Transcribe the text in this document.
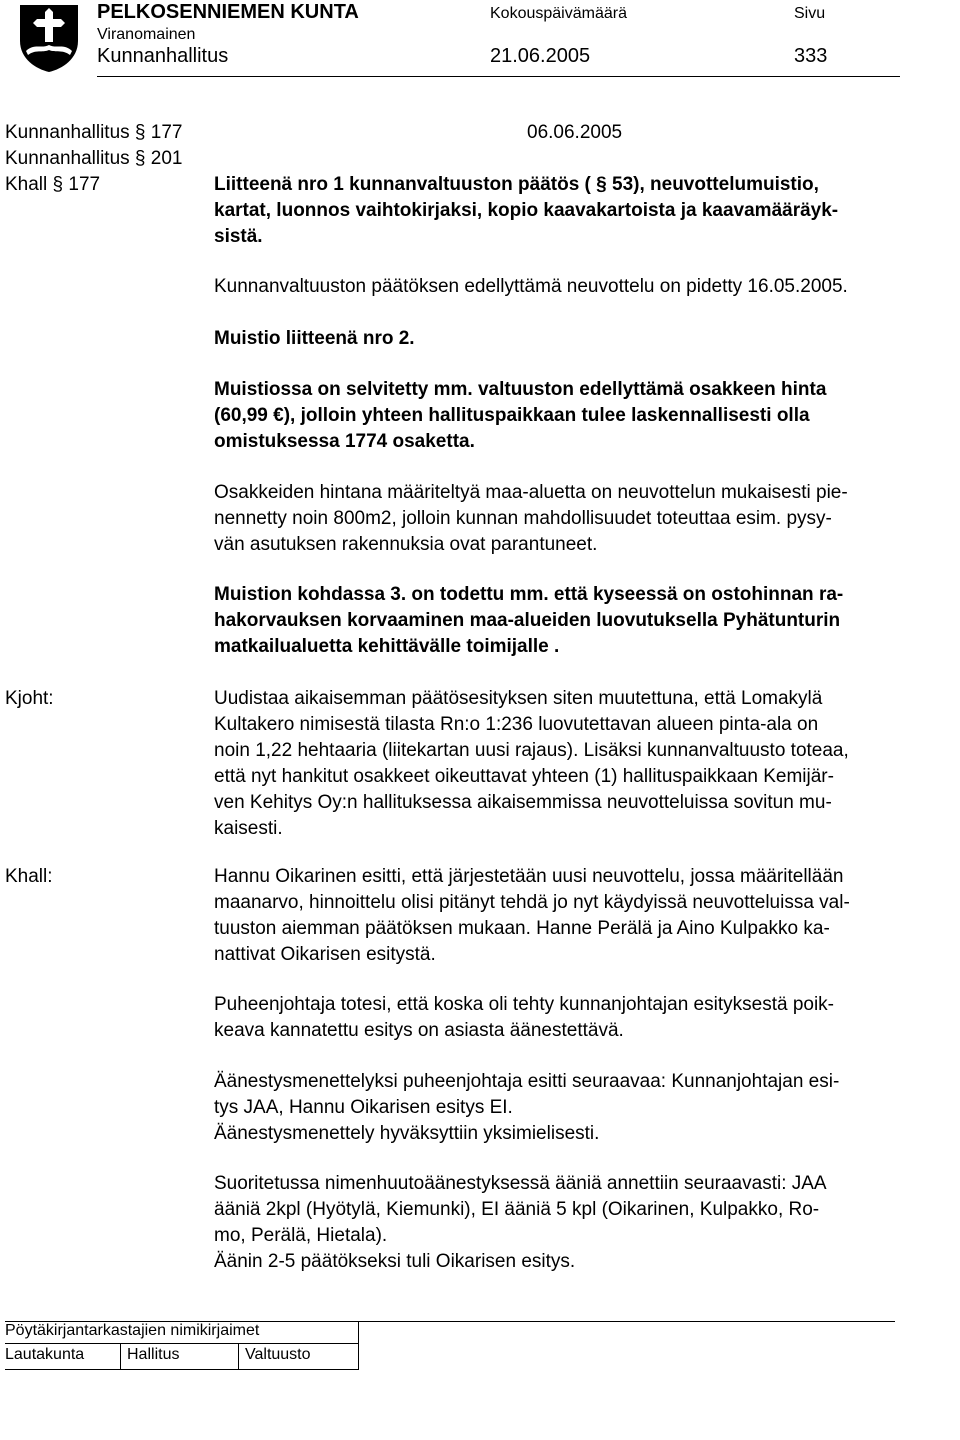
PELKOSENNIEMEN KUNTA
Viranomainen
Kunnanhallitus
Kokouspäivämäärä
21.06.2005
Sivu
333
Kunnanhallitus § 177	06.06.2005
Kunnanhallitus § 201
Khall § 177	Liitteenä nro 1 kunnanvaltuuston päätös ( § 53), neuvottelumuistio,
kartat, luonnos vaihtokirjaksi, kopio kaavakartoista ja kaavamääräyk-
sistä.
Kunnanvaltuuston päätöksen edellyttämä neuvottelu on pidetty 16.05.2005.
Muistio liitteenä nro 2.
Muistiossa on selvitetty mm. valtuuston edellyttämä osakkeen hinta
(60,99 €), jolloin yhteen hallituspaikkaan tulee laskennallisesti olla
omistuksessa 1774 osaketta.
Osakkeiden hintana määriteltyä maa-aluetta on neuvottelun mukaisesti pie-
nennetty noin 800m2, jolloin kunnan mahdollisuudet toteuttaa esim. pysy-
vän asutuksen rakennuksia ovat parantuneet.
Muistion kohdassa 3. on todettu mm. että kyseessä on ostohinnan ra-
hakorvauksen korvaaminen maa-alueiden luovutuksella Pyhätunturin
matkailualuetta kehittävälle toimijalle .
Kjoht:	Uudistaa aikaisemman päätösesityksen siten muutettuna, että Lomakylä
Kultakero nimisestä tilasta Rn:o 1:236 luovutettavan alueen pinta-ala on
noin 1,22 hehtaaria (liitekartan uusi rajaus). Lisäksi kunnanvaltuusto toteaa,
että nyt hankitut osakkeet oikeuttavat yhteen (1) hallituspaikkaan Kemijär-
ven Kehitys Oy:n hallituksessa aikaisemmissa neuvotteluissa sovitun mu-
kaisesti.
Khall:	Hannu Oikarinen esitti, että järjestetään uusi neuvottelu, jossa määritellään
maanarvo, hinnoittelu olisi pitänyt tehdä jo nyt käydyissä neuvotteluissa val-
tuuston aiemman päätöksen mukaan. Hanne Perälä ja Aino Kulpakko ka-
nattivat Oikarisen esitystä.
Puheenjohtaja totesi, että koska oli tehty kunnanjohtajan esityksestä poik-
keava kannatettu esitys on asiasta äänestettävä.
Äänestysmenettelyksi puheenjohtaja esitti seuraavaa: Kunnanjohtajan esi-
tys JAA, Hannu Oikarisen esitys EI.
Äänestysmenettely hyväksyttiin yksimielisesti.
Suoritetussa nimenhuutoäänestyksessä ääniä annettiin seuraavasti: JAA
ääniä 2kpl (Hyötylä, Kiemunki), EI ääniä 5 kpl (Oikarinen, Kulpakko, Ro-
mo, Perälä, Hietala).
Äänin 2-5 päätökseksi tuli Oikarisen esitys.
Pöytäkirjantarkastajien nimikirjaimet
Lautakunta	Hallitus	Valtuusto
